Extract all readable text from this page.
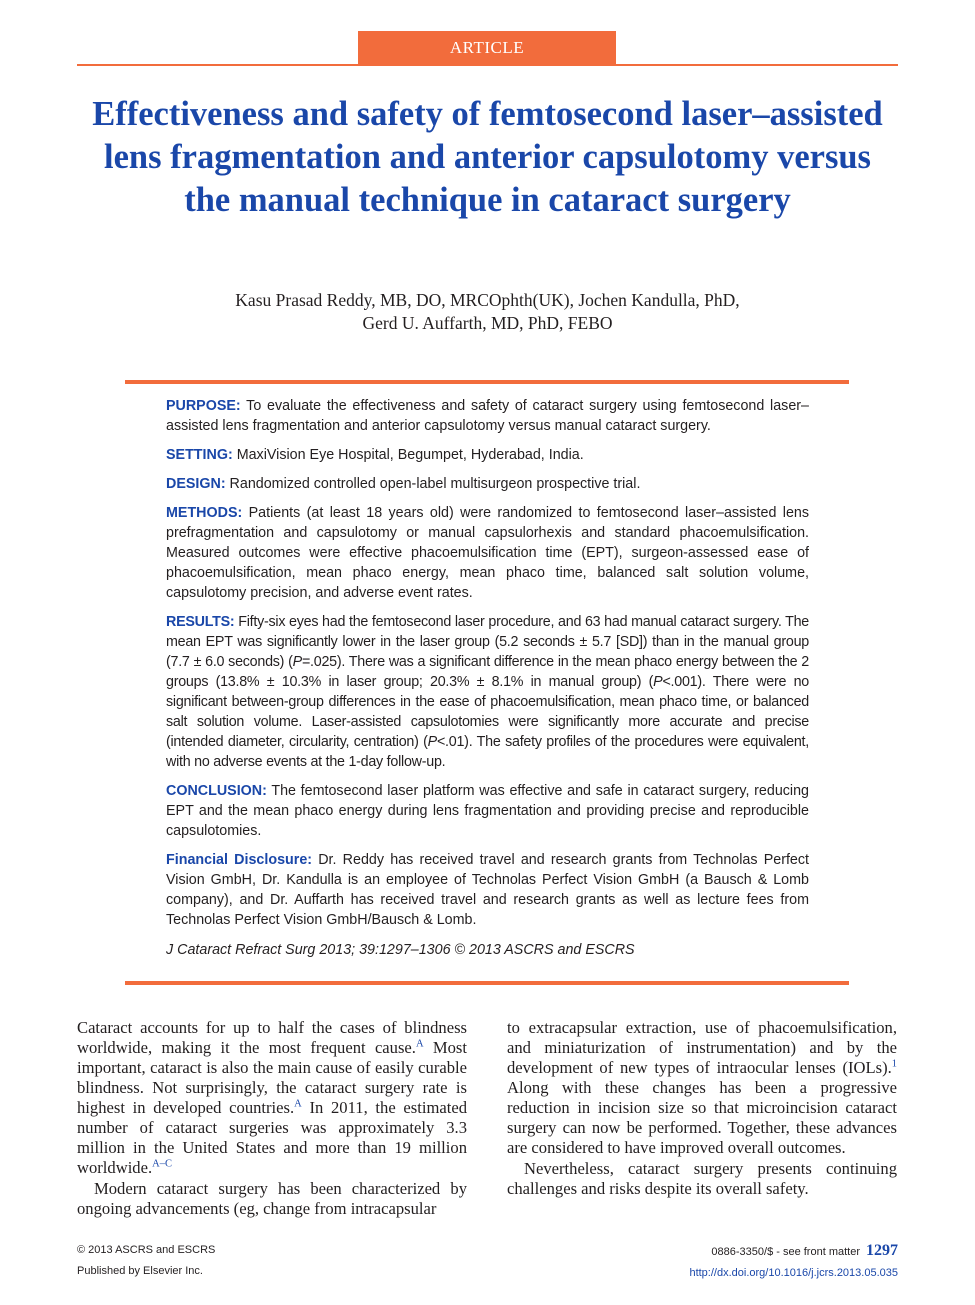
ARTICLE
Effectiveness and safety of femtosecond laser–assisted lens fragmentation and anterior capsulotomy versus the manual technique in cataract surgery
Kasu Prasad Reddy, MB, DO, MRCOphth(UK), Jochen Kandulla, PhD,
Gerd U. Auffarth, MD, PhD, FEBO

PURPOSE: To evaluate the effectiveness and safety of cataract surgery using femtosecond laser–assisted lens fragmentation and anterior capsulotomy versus manual cataract surgery.

SETTING: MaxiVision Eye Hospital, Begumpet, Hyderabad, India.

DESIGN: Randomized controlled open-label multisurgeon prospective trial.

METHODS: Patients (at least 18 years old) were randomized to femtosecond laser–assisted lens prefragmentation and capsulotomy or manual capsulorhexis and standard phacoemulsification. Measured outcomes were effective phacoemulsification time (EPT), surgeon-assessed ease of phacoemulsification, mean phaco energy, mean phaco time, balanced salt solution volume, capsulotomy precision, and adverse event rates.

RESULTS: Fifty-six eyes had the femtosecond laser procedure, and 63 had manual cataract surgery. The mean EPT was significantly lower in the laser group (5.2 seconds ± 5.7 [SD]) than in the manual group (7.7 ± 6.0 seconds) (P=.025). There was a significant difference in the mean phaco energy between the 2 groups (13.8% ± 10.3% in laser group; 20.3% ± 8.1% in manual group) (P<.001). There were no significant between-group differences in the ease of phacoemulsification, mean phaco time, or balanced salt solution volume. Laser-assisted capsulotomies were significantly more accurate and precise (intended diameter, circularity, centration) (P<.01). The safety profiles of the procedures were equivalent, with no adverse events at the 1-day follow-up.

CONCLUSION: The femtosecond laser platform was effective and safe in cataract surgery, reducing EPT and the mean phaco energy during lens fragmentation and providing precise and reproducible capsulotomies.

Financial Disclosure: Dr. Reddy has received travel and research grants from Technolas Perfect Vision GmbH, Dr. Kandulla is an employee of Technolas Perfect Vision GmbH (a Bausch & Lomb company), and Dr. Auffarth has received travel and research grants as well as lecture fees from Technolas Perfect Vision GmbH/Bausch & Lomb.

J Cataract Refract Surg 2013; 39:1297–1306 © 2013 ASCRS and ESCRS

Cataract accounts for up to half the cases of blindness worldwide, making it the most frequent cause.$^A$ Most important, cataract is also the main cause of easily curable blindness. Not surprisingly, the cataract surgery rate is highest in developed countries.$^A$ In 2011, the estimated number of cataract surgeries was approximately 3.3 million in the United States and more than 19 million worldwide.$^{A-C}$

Modern cataract surgery has been characterized by ongoing advancements (eg, change from intracapsular

to extracapsular extraction, use of phacoemulsification, and miniaturization of instrumentation) and by the development of new types of intraocular lenses (IOLs).$^1$ Along with these changes has been a progressive reduction in incision size so that microincision cataract surgery can now be performed. Together, these advances are considered to have improved overall outcomes.

Nevertheless, cataract surgery presents continuing challenges and risks despite its overall safety.

© 2013 ASCRS and ESCRS
Published by Elsevier Inc.
0886-3350/$ - see front matter 1297
http://dx.doi.org/10.1016/j.jcrs.2013.05.035
